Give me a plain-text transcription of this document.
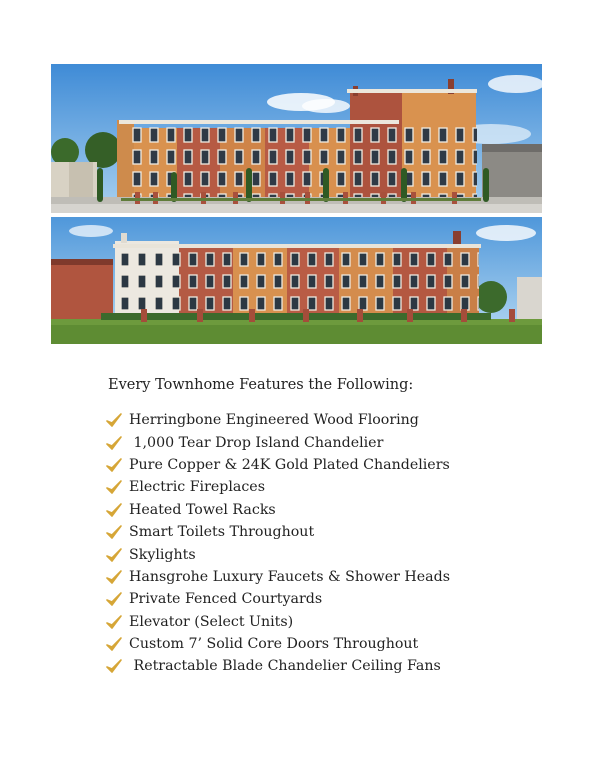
Every Townhome Features the Following:
Herringbone Engineered Wood Flooring
1,000 Tear Drop Island Chandelier
Pure Copper & 24K Gold Plated Chandeliers
Electric Fireplaces
Heated Towel Racks
Smart Toilets Throughout
Skylights
Hansgrohe Luxury Faucets & Shower Heads
Private Fenced Courtyards
Elevator (Select Units)
Custom 7’ Solid Core Doors Throughout
Retractable Blade Chandelier Ceiling Fans
